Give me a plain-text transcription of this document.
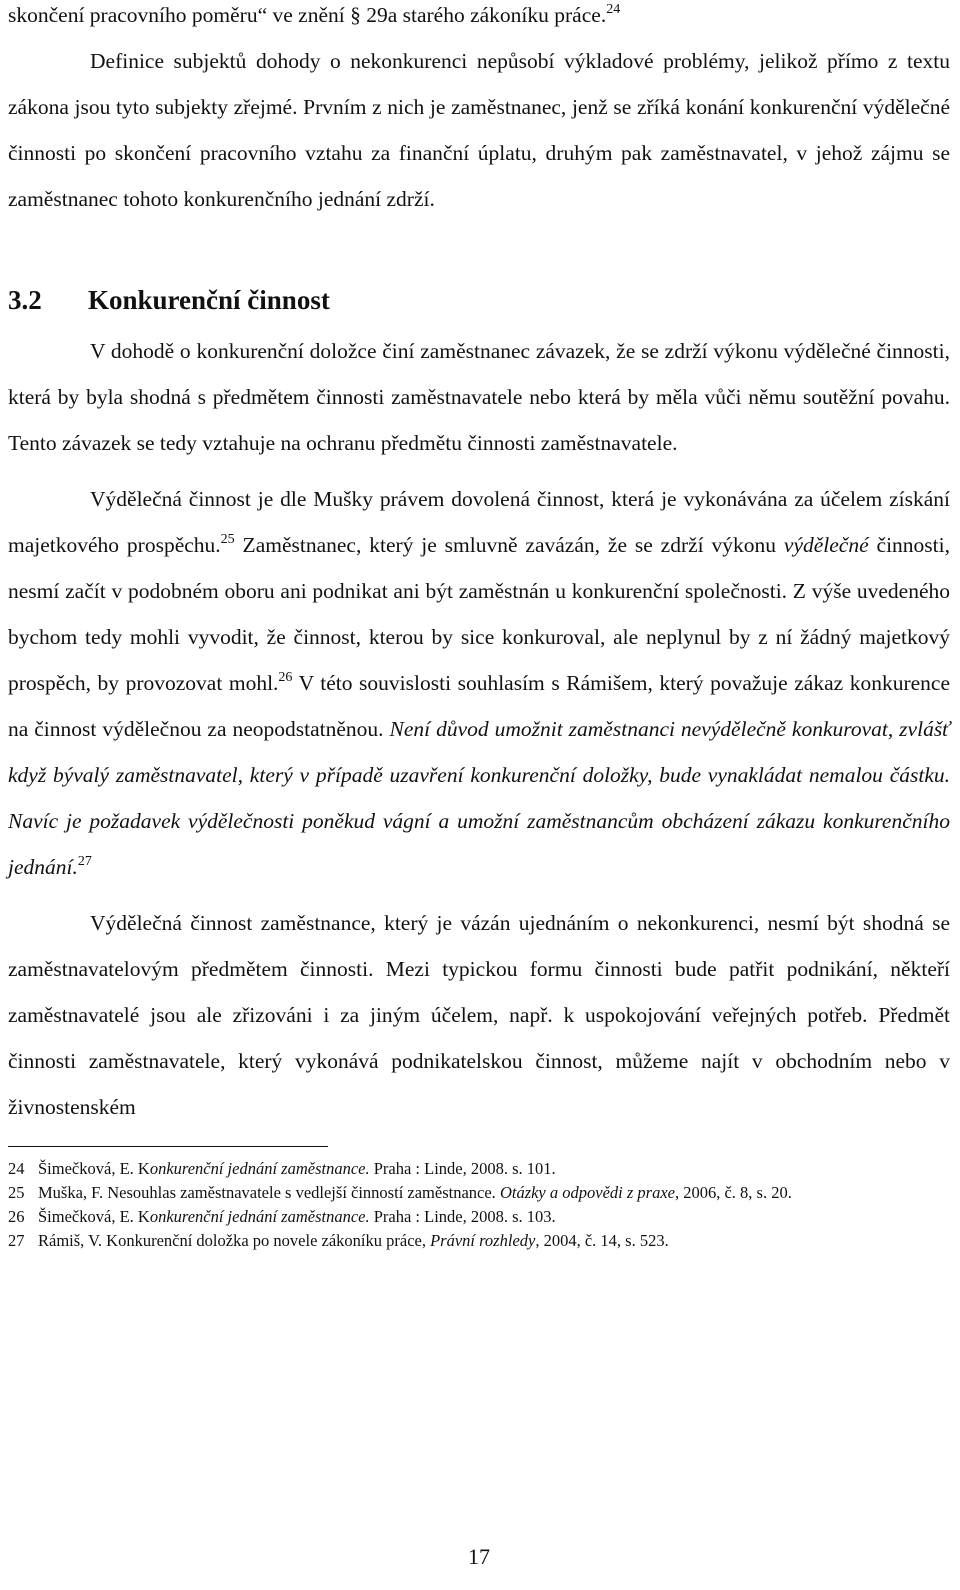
skončení pracovního poměru“ ve znění § 29a starého zákoníku práce.$^{24}$

Definice subjektů dohody o nekonkurenci nepůsobí výkladové problémy, jelikož přímo z textu zákona jsou tyto subjekty zřejmé. Prvním z nich je zaměstnanec, jenž se zříká konání konkurenční výdělečné činnosti po skončení pracovního vztahu za finanční úplatu, druhým pak zaměstnavatel, v jehož zájmu se zaměstnanec tohoto konkurenčního jednání zdrží.

3.2 Konkurenční činnost

V dohodě o konkurenční doložce činí zaměstnanec závazek, že se zdrží výkonu výdělečné činnosti, která by byla shodná s předmětem činnosti zaměstnavatele nebo která by měla vůči němu soutěžní povahu. Tento závazek se tedy vztahuje na ochranu předmětu činnosti zaměstnavatele.

Výdělečná činnost je dle Mušky právem dovolená činnost, která je vykonávána za účelem získání majetkového prospěchu.$^{25}$ Zaměstnanec, který je smluvně zavázán, že se zdrží výkonu výdělečné činnosti, nesmí začít v podobném oboru ani podnikat ani být zaměstnán u konkurenční společnosti. Z výše uvedeného bychom tedy mohli vyvodit, že činnost, kterou by sice konkuroval, ale neplynul by z ní žádný majetkový prospěch, by provozovat mohl.$^{26}$ V této souvislosti souhlasím s Rámišem, který považuje zákaz konkurence na činnost výdělečnou za neopodstatněnou. Není důvod umožnit zaměstnanci nevýdělečně konkurovat, zvlášť když bývalý zaměstnavatel, který v případě uzavření konkurenční doložky, bude vynakládat nemalou částku. Navíc je požadavek výdělečnosti poněkud vágní a umožní zaměstnancům obcházení zákazu konkurenčního jednání.$^{27}$

Výdělečná činnost zaměstnance, který je vázán ujednáním o nekonkurenci, nesmí být shodná se zaměstnavatelovým předmětem činnosti. Mezi typickou formu činnosti bude patřit podnikání, někteří zaměstnavatelé jsou ale zřizováni i za jiným účelem, např. k uspokojování veřejných potřeb. Předmět činnosti zaměstnavatele, který vykonává podnikatelskou činnost, můžeme najít v obchodním nebo v živnostenském

24 Šimečková, E. Konkurenční jednání zaměstnance. Praha : Linde, 2008. s. 101.
25 Muška, F. Nesouhlas zaměstnavatele s vedlejší činností zaměstnance. Otázky a odpovědi z praxe, 2006, č. 8, s. 20.
26 Šimečková, E. Konkurenční jednání zaměstnance. Praha : Linde, 2008. s. 103.
27 Rámiš, V. Konkurenční doložka po novele zákoníku práce, Právní rozhledy, 2004, č. 14, s. 523.
17
